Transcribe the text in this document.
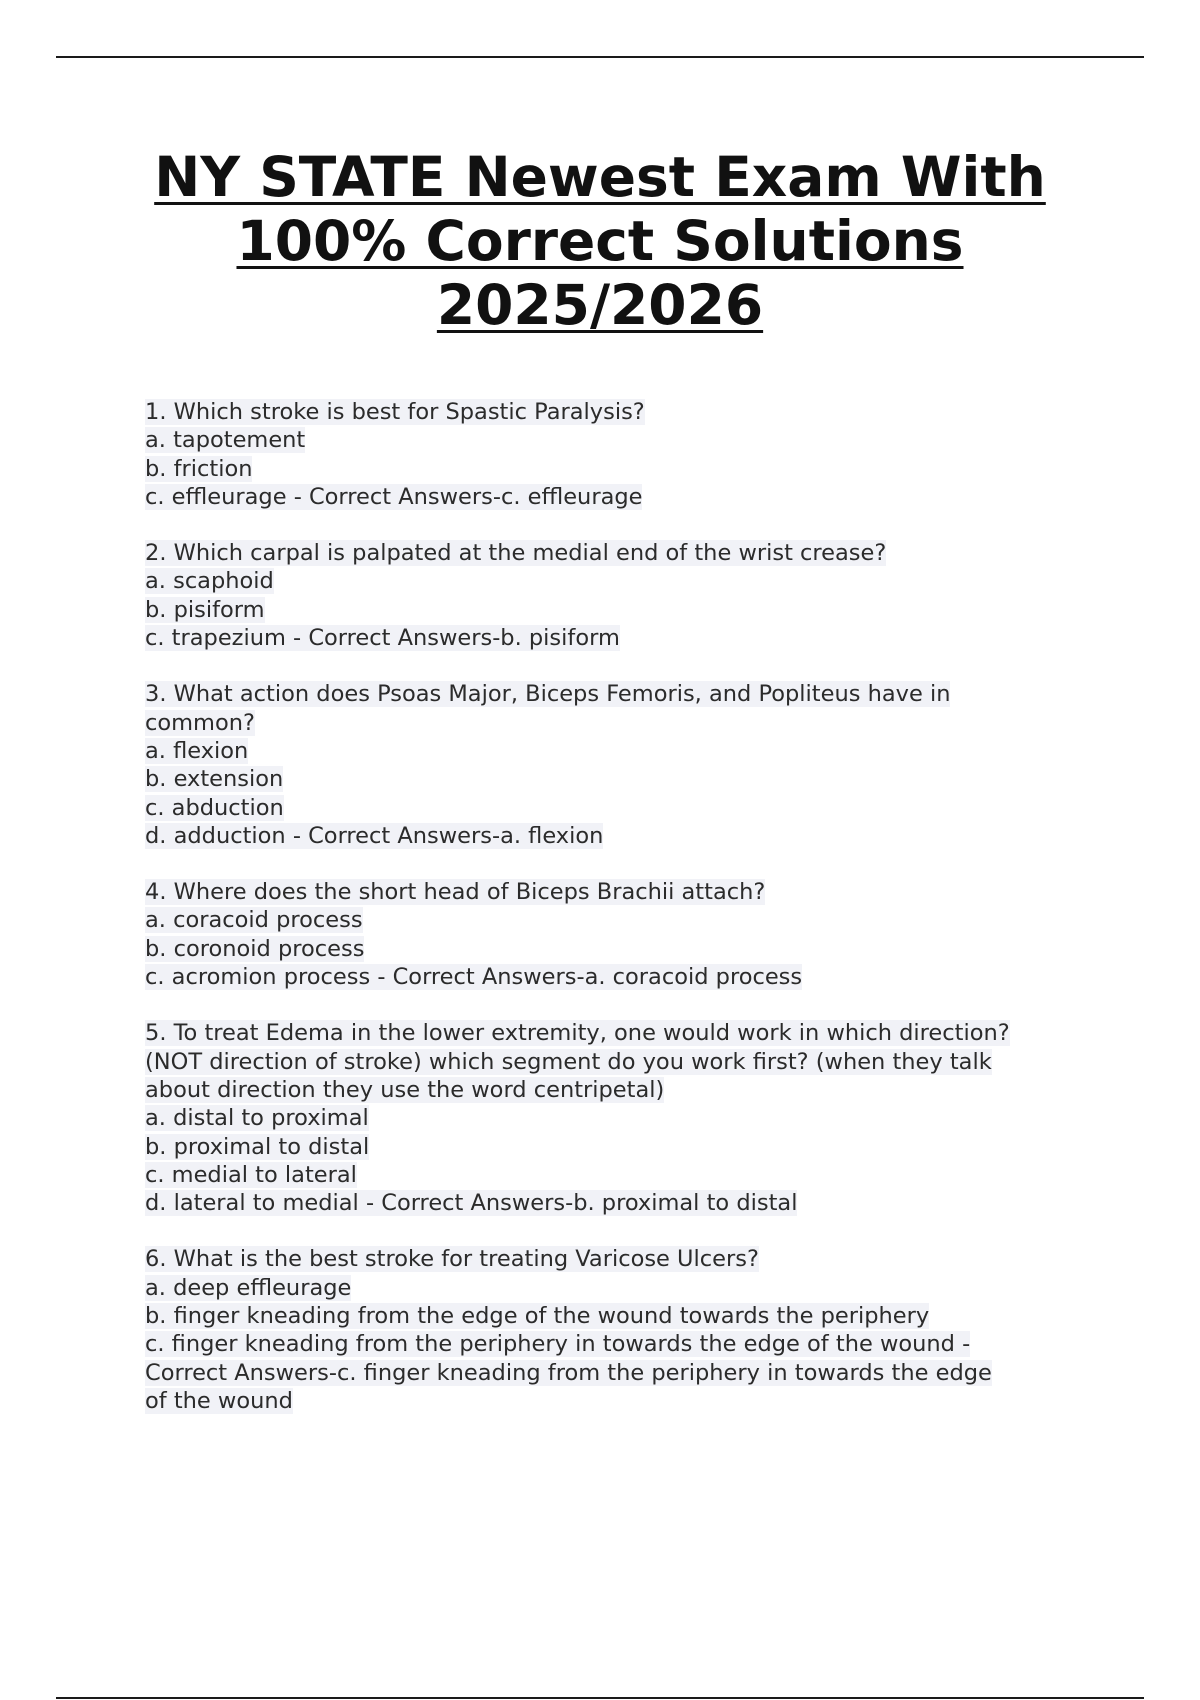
NY STATE Newest Exam With
100% Correct Solutions
2025/2026
1. Which stroke is best for Spastic Paralysis?
a. tapotement
b. friction
c. effleurage - Correct Answers-c. effleurage
2. Which carpal is palpated at the medial end of the wrist crease?
a. scaphoid
b. pisiform
c. trapezium - Correct Answers-b. pisiform
3. What action does Psoas Major, Biceps Femoris, and Popliteus have in
common?
a. flexion
b. extension
c. abduction
d. adduction - Correct Answers-a. flexion
4. Where does the short head of Biceps Brachii attach?
a. coracoid process
b. coronoid process
c. acromion process - Correct Answers-a. coracoid process
5. To treat Edema in the lower extremity, one would work in which direction?
(NOT direction of stroke) which segment do you work first? (when they talk
about direction they use the word centripetal)
a. distal to proximal
b. proximal to distal
c. medial to lateral
d. lateral to medial - Correct Answers-b. proximal to distal
6. What is the best stroke for treating Varicose Ulcers?
a. deep effleurage
b. finger kneading from the edge of the wound towards the periphery
c. finger kneading from the periphery in towards the edge of the wound -
Correct Answers-c. finger kneading from the periphery in towards the edge
of the wound
